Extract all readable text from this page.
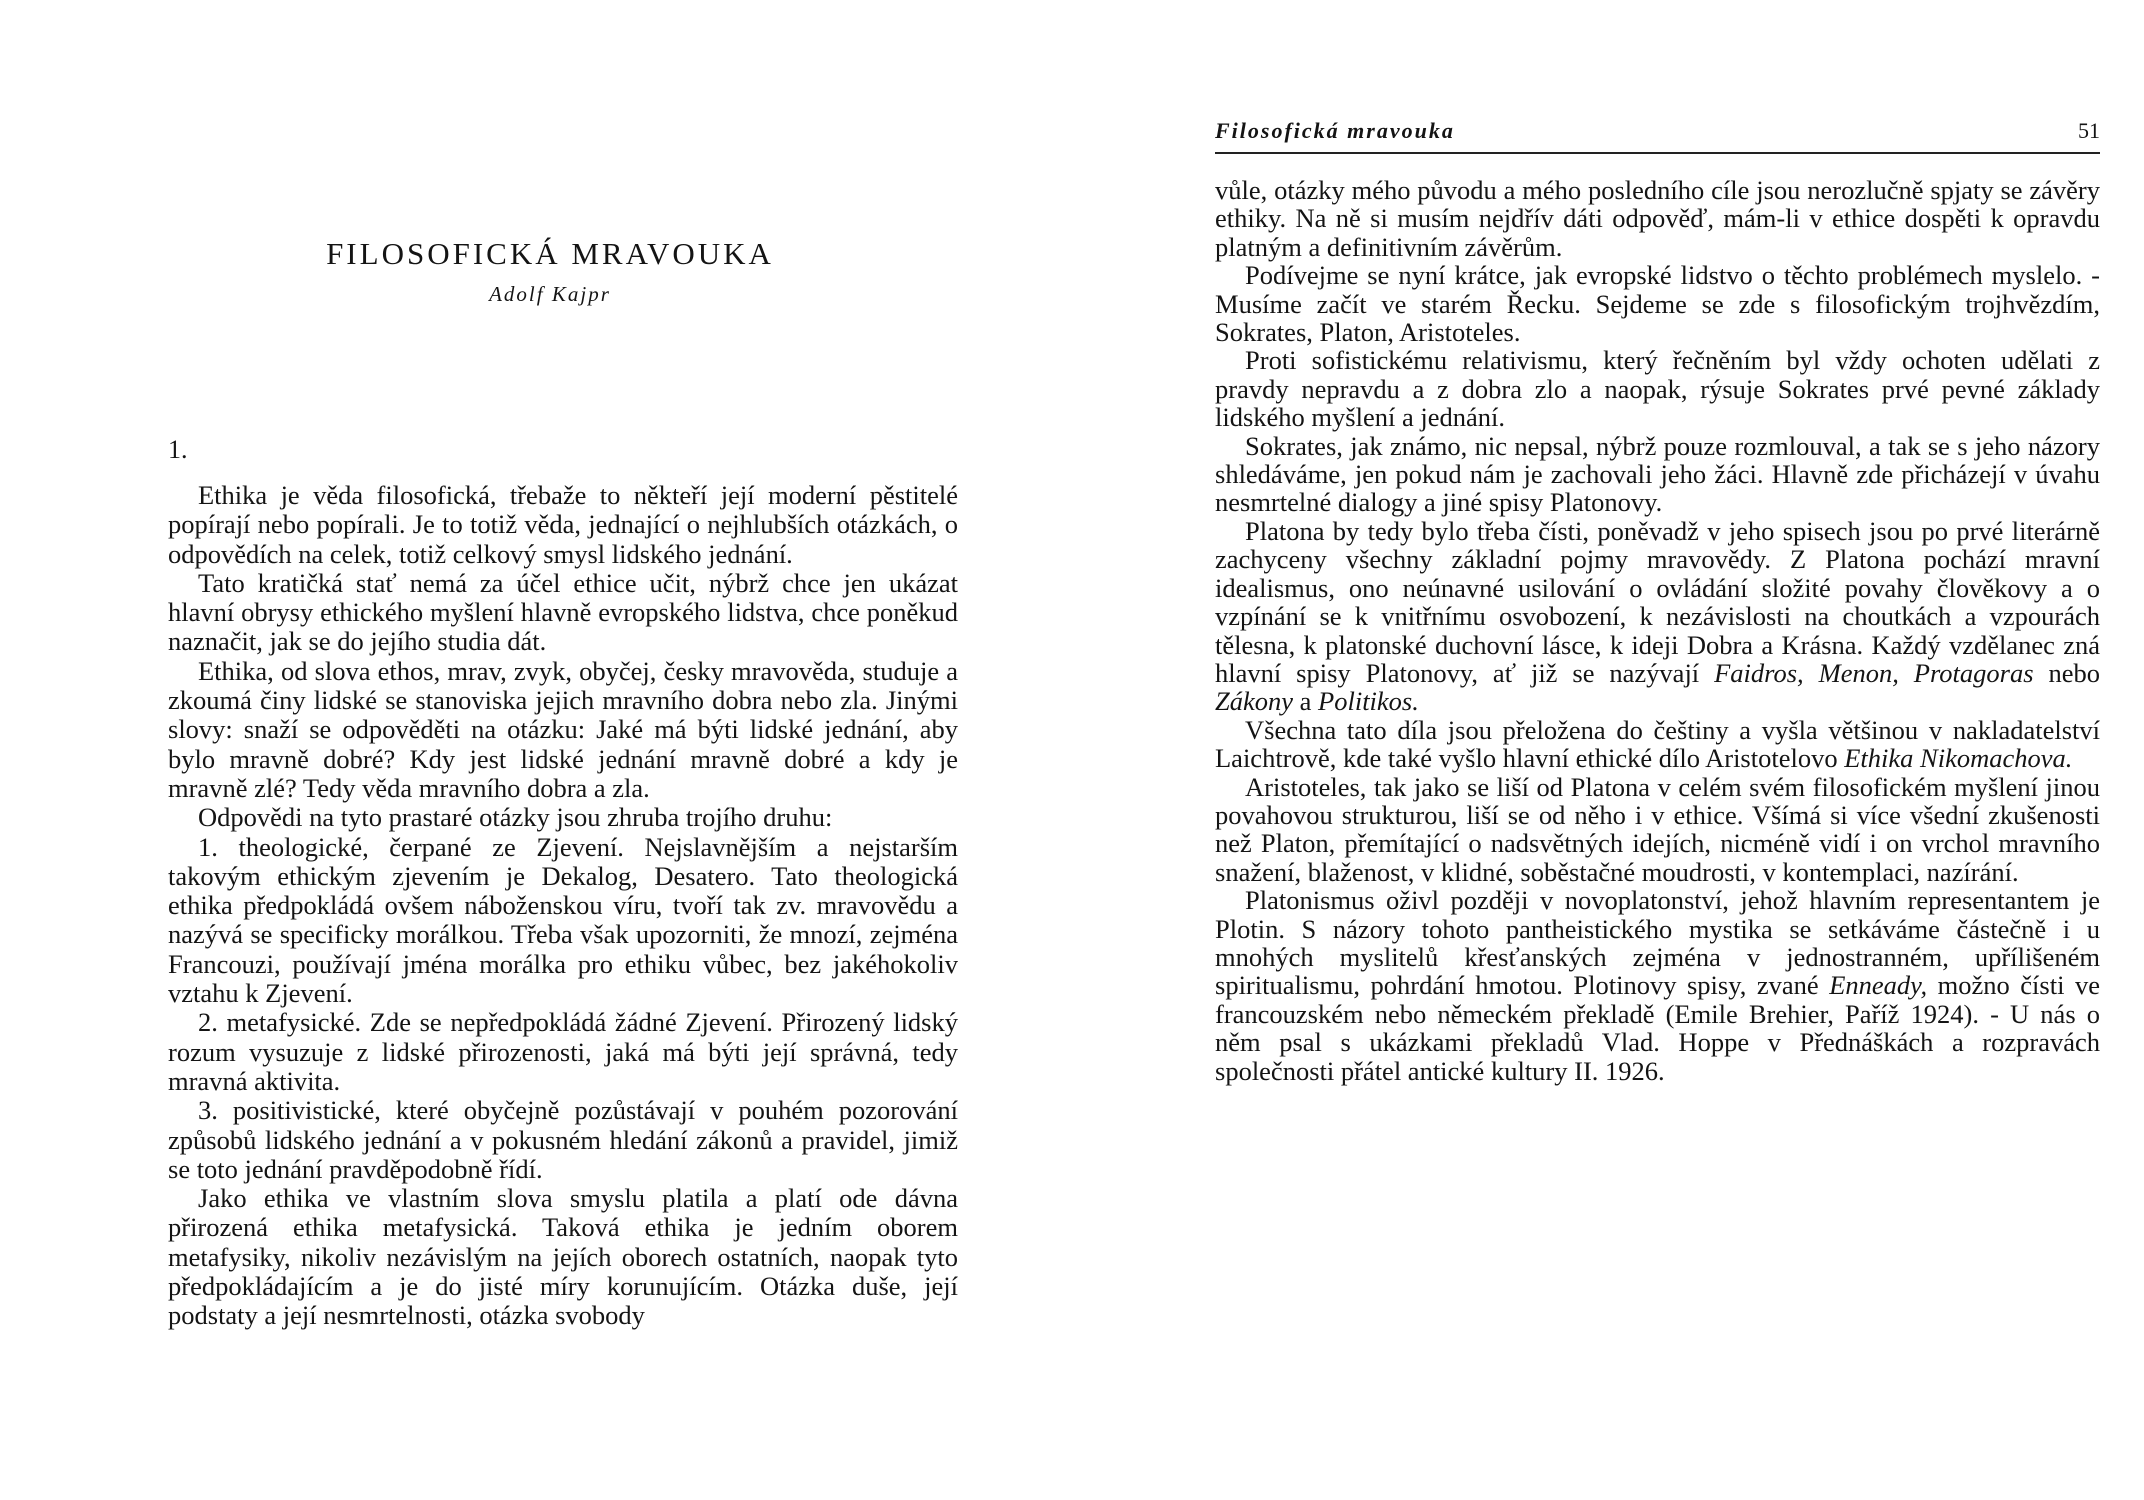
FILOSOFICKÁ MRAVOUKA
Adolf Kajpr
1.

Ethika je věda filosofická, třebaže to někteří její moderní pěstitelé popírají nebo popírali. Je to totiž věda, jednající o nejhlubších otázkách, o odpovědích na celek, totiž celkový smysl lidského jednání.

Tato kratičká stať nemá za účel ethice učit, nýbrž chce jen ukázat hlavní obrysy ethického myšlení hlavně evropského lidstva, chce poněkud naznačit, jak se do jejího studia dát.

Ethika, od slova ethos, mrav, zvyk, obyčej, česky mravověda, studuje a zkoumá činy lidské se stanoviska jejich mravního dobra nebo zla. Jinými slovy: snaží se odpověděti na otázku: Jaké má býti lidské jednání, aby bylo mravně dobré? Kdy jest lidské jednání mravně dobré a kdy je mravně zlé? Tedy věda mravního dobra a zla.

Odpovědi na tyto prastaré otázky jsou zhruba trojího druhu:

1. theologické, čerpané ze Zjevení. Nejslavnějším a nejstarším takovým ethickým zjevením je Dekalog, Desatero. Tato theologická ethika předpokládá ovšem náboženskou víru, tvoří tak zv. mravovědu a nazývá se specificky morálkou. Třeba však upozorniti, že mnozí, zejména Francouzi, používají jména morálka pro ethiku vůbec, bez jakéhokoliv vztahu k Zjevení.

2. metafysické. Zde se nepředpokládá žádné Zjevení. Přirozený lidský rozum vysuzuje z lidské přirozenosti, jaká má býti její správná, tedy mravná aktivita.

3. positivistické, které obyčejně pozůstávají v pouhém pozorování způsobů lidského jednání a v pokusném hledání zákonů a pravidel, jimiž se toto jednání pravděpodobně řídí.

Jako ethika ve vlastním slova smyslu platila a platí ode dávna přirozená ethika metafysická. Taková ethika je jedním oborem metafysiky, nikoliv nezávislým na jejích oborech ostatních, naopak tyto předpokládajícím a je do jisté míry korunujícím. Otázka duše, její podstaty a její nesmrtelnosti, otázka svobody

Filosofická mravouka	51

vůle, otázky mého původu a mého posledního cíle jsou nerozlučně spjaty se závěry ethiky. Na ně si musím nejdřív dáti odpověď, mám-li v ethice dospěti k opravdu platným a definitivním závěrům.

Podívejme se nyní krátce, jak evropské lidstvo o těchto problémech myslelo. - Musíme začít ve starém Řecku. Sejdeme se zde s filosofickým trojhvězdím, Sokrates, Platon, Aristoteles.

Proti sofistickému relativismu, který řečněním byl vždy ochoten udělati z pravdy nepravdu a z dobra zlo a naopak, rýsuje Sokrates prvé pevné základy lidského myšlení a jednání.

Sokrates, jak známo, nic nepsal, nýbrž pouze rozmlouval, a tak se s jeho názory shledáváme, jen pokud nám je zachovali jeho žáci. Hlavně zde přicházejí v úvahu nesmrtelné dialogy a jiné spisy Platonovy.

Platona by tedy bylo třeba čísti, poněvadž v jeho spisech jsou po prvé literárně zachyceny všechny základní pojmy mravovědy. Z Platona pochází mravní idealismus, ono neúnavné usilování o ovládání složité povahy člověkovy a o vzpínání se k vnitřnímu osvobození, k nezávislosti na choutkách a vzpourách tělesna, k platonské duchovní lásce, k ideji Dobra a Krásna. Každý vzdělanec zná hlavní spisy Platonovy, ať již se nazývají Faidros, Menon, Protagoras nebo Zákony a Politikos.

Všechna tato díla jsou přeložena do češtiny a vyšla většinou v nakladatelství Laichtrově, kde také vyšlo hlavní ethické dílo Aristotelovo Ethika Nikomachova.

Aristoteles, tak jako se liší od Platona v celém svém filosofickém myšlení jinou povahovou strukturou, liší se od něho i v ethice. Všímá si více všední zkušenosti než Platon, přemítající o nadsvětných idejích, nicméně vidí i on vrchol mravního snažení, blaženost, v klidné, soběstačné moudrosti, v kontemplaci, nazírání.

Platonismus oživl později v novoplatonství, jehož hlavním representantem je Plotin. S názory tohoto pantheistického mystika se setkáváme částečně i u mnohých myslitelů křesťanských zejména v jednostranném, upřílišeném spiritualismu, pohrdání hmotou. Plotinovy spisy, zvané Enneady, možno čísti ve francouzském nebo německém překladě (Emile Brehier, Paříž 1924). - U nás o něm psal s ukázkami překladů Vlad. Hoppe v Přednáškách a rozpravách společnosti přátel antické kultury II. 1926.
